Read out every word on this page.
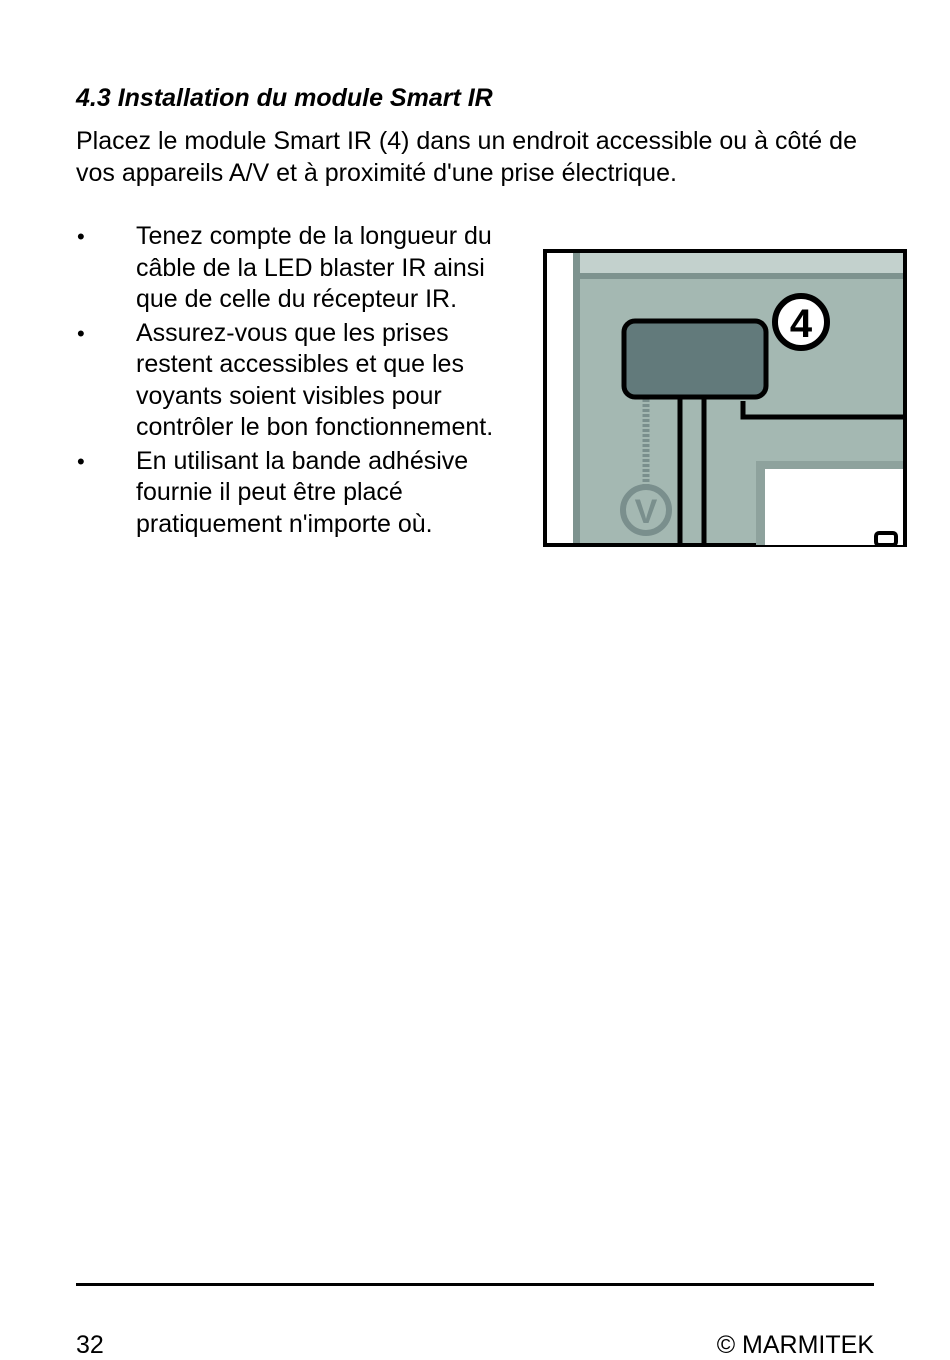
4.3 Installation du module Smart IR

Placez le module Smart IR (4) dans un endroit accessible ou à côté de vos appareils A/V et à proximité d'une prise électrique.

• Tenez compte de la longueur du câble de la LED blaster IR ainsi que de celle du récepteur IR.
• Assurez-vous que les prises restent accessibles et que les voyants soient visibles pour contrôler le bon fonctionnement.
• En utilisant la bande adhésive fournie il peut être placé pratiquement n'importe où.	V
4
32	© MARMITEK
